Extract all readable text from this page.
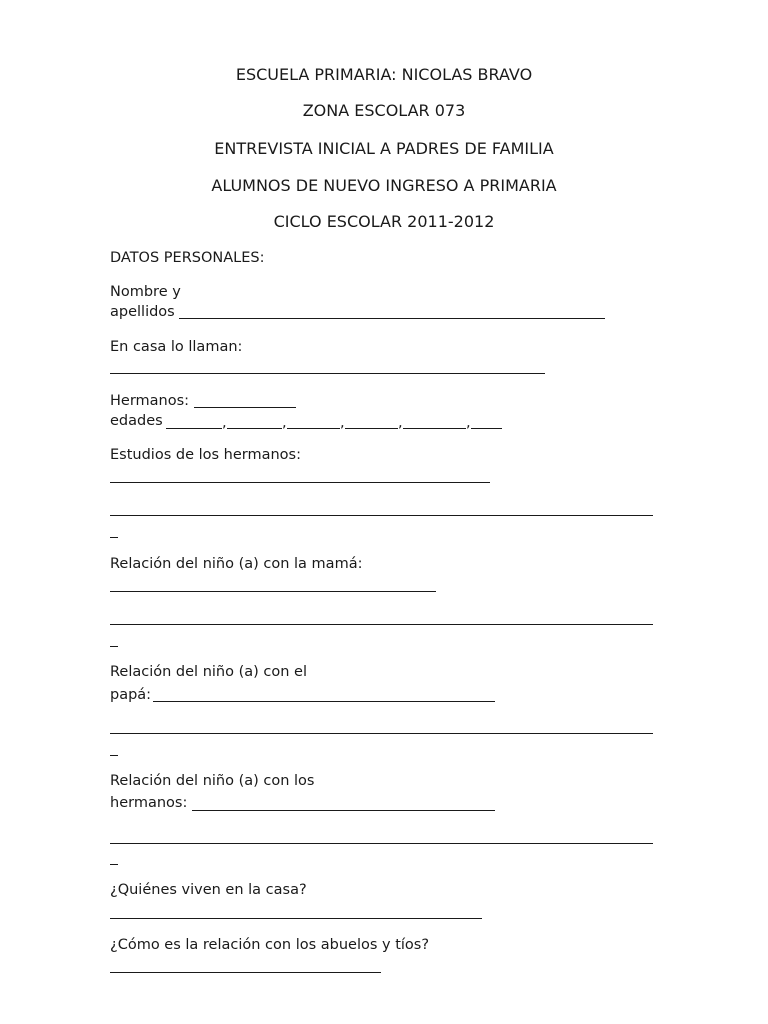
ESCUELA PRIMARIA: NICOLAS BRAVO
ZONA ESCOLAR 073
ENTREVISTA INICIAL A PADRES DE FAMILIA
ALUMNOS DE NUEVO INGRESO A PRIMARIA
CICLO ESCOLAR 2011-2012
DATOS PERSONALES:
Nombre y
apellidos
En casa lo llaman:
Hermanos:
edades	,	,	,	,	,
Estudios de los hermanos:
Relación del niño (a) con la mamá:
Relación del niño (a) con el
papá:
Relación del niño (a) con los
hermanos:
¿Quiénes viven en la casa?
¿Cómo es la relación con los abuelos y tíos?
